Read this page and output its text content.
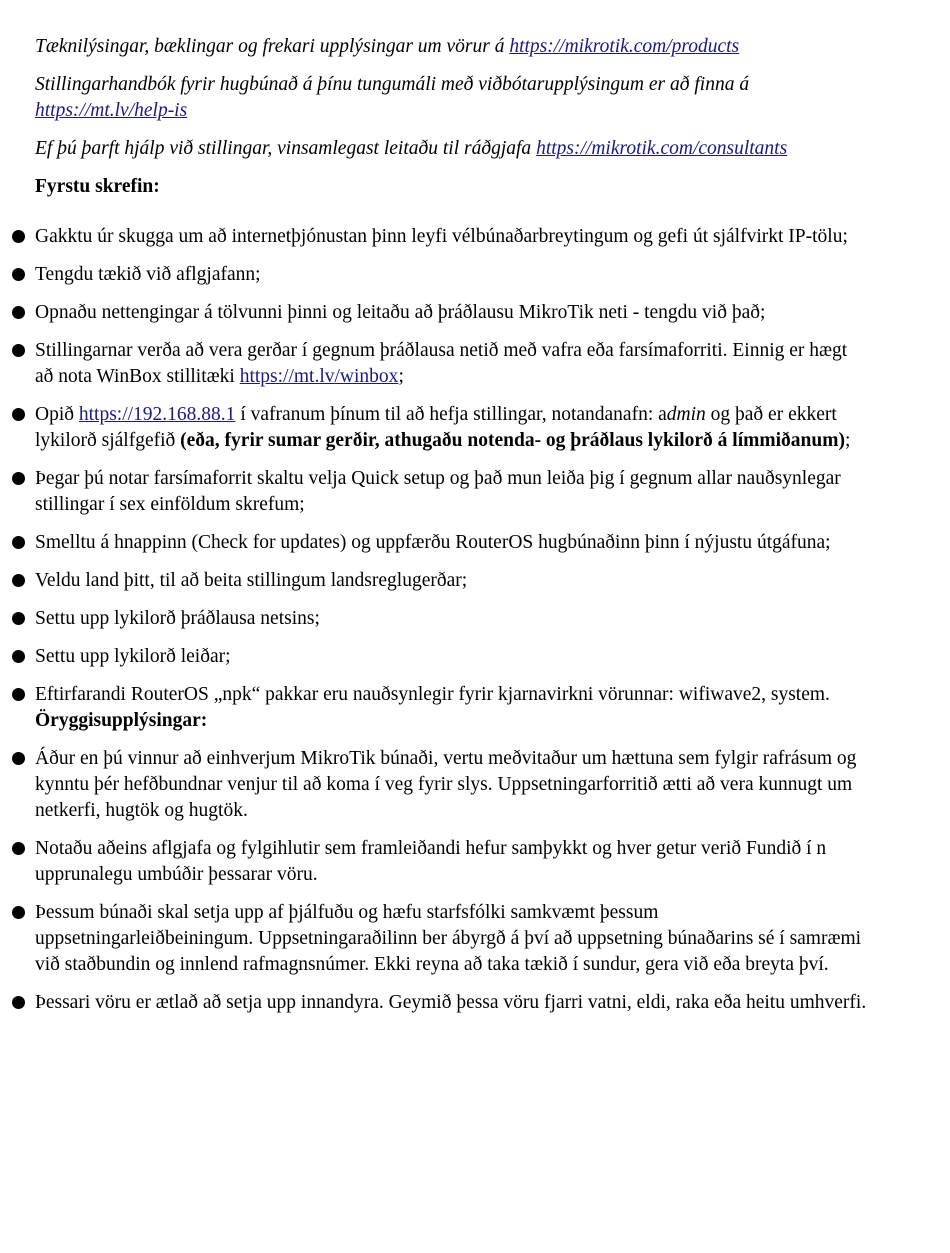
Tæknilýsingar, bæklingar og frekari upplýsingar um vörur á https://mikrotik.com/products

Stillingarhandbók fyrir hugbúnað á þínu tungumáli með viðbótarupplýsingum er að finna á https://mt.lv/help-is

Ef þú þarft hjálp við stillingar, vinsamlegast leitaðu til ráðgjafa https://mikrotik.com/consultants

Fyrstu skrefin:

Gakktu úr skugga um að internetþjónustan þinn leyfi vélbúnaðarbreytingum og gefi út sjálfvirkt IP-tölu;
Tengdu tækið við aflgjafann;
Opnaðu nettengingar á tölvunni þinni og leitaðu að þráðlausu MikroTik neti - tengdu við það;
Stillingarnar verða að vera gerðar í gegnum þráðlausa netið með vafra eða farsímaforriti. Einnig er hægt að nota WinBox stillitæki https://mt.lv/winbox;
Opið https://192.168.88.1 í vafranum þínum til að hefja stillingar, notandanafn: admin og það er ekkert lykilorð sjálfgefið (eða, fyrir sumar gerðir, athugaðu notenda- og þráðlaus lykilorð á límmiðanum);
Þegar þú notar farsímaforrit skaltu velja Quick setup og það mun leiða þig í gegnum allar nauðsynlegar stillingar í sex einföldum skrefum;
Smelltu á hnappinn (Check for updates) og uppfærðu RouterOS hugbúnaðinn þinn í nýjustu útgáfuna;
Veldu land þitt, til að beita stillingum landsreglugerðar;
Settu upp lykilorð þráðlausa netsins;
Settu upp lykilorð leiðar;
Eftirfarandi RouterOS „npk“ pakkar eru nauðsynlegir fyrir kjarnavirkni vörunnar: wifiwave2, system.
Öryggisupplýsingar:
Áður en þú vinnur að einhverjum MikroTik búnaði, vertu meðvitaður um hættuna sem fylgir rafrásum og kynntu þér hefðbundnar venjur til að koma í veg fyrir slys. Uppsetningarforritið ætti að vera kunnugt um netkerfi, hugtök og hugtök.
Notaðu aðeins aflgjafa og fylgihlutir sem framleiðandi hefur samþykkt og hver getur verið Fundið í n upprunalegu umbúðir þessarar vöru.
Þessum búnaði skal setja upp af þjálfuðu og hæfu starfsfólki samkvæmt þessum uppsetningarleiðbeiningum. Uppsetningaraðilinn ber ábyrgð á því að uppsetning búnaðarins sé í samræmi við staðbundin og innlend rafmagnsnúmer. Ekki reyna að taka tækið í sundur, gera við eða breyta því.
Þessari vöru er ætlað að setja upp innandyra. Geymið þessa vöru fjarri vatni, eldi, raka eða heitu umhverfi.
